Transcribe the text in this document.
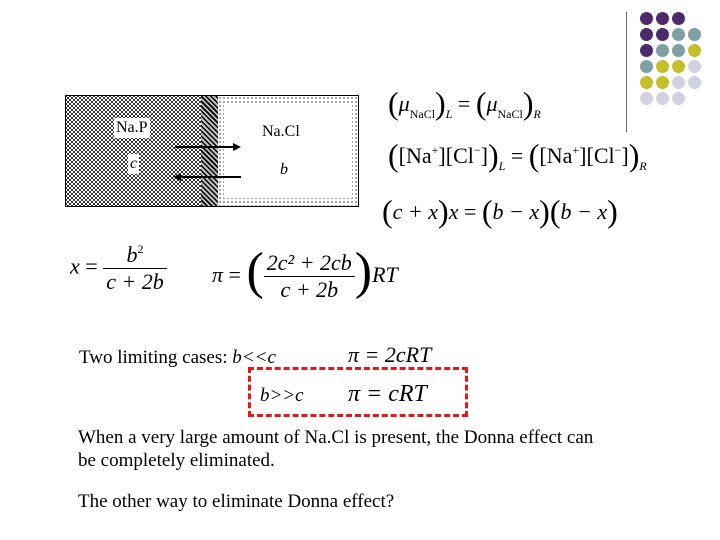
Na.P
c
Na.Cl
b
$(\mu_{NaCl})_L = (\mu_{NaCl})_R$
$([Na^+][Cl^-])_L = ([Na^+][Cl^-])_R$
(c + x)x = (b − x)(b − x)
$x = \frac{b^2}{c + 2b}$ π = ( $\frac{\text{2c² + 2cb}}{c + 2b} )RT$
Two limiting cases: b<<c	π = 2cRT
b>>c π = cRT
When a very large amount of Na.Cl is present, the Donna effect can
be completely eliminated.
The other way to eliminate Donna effect?
